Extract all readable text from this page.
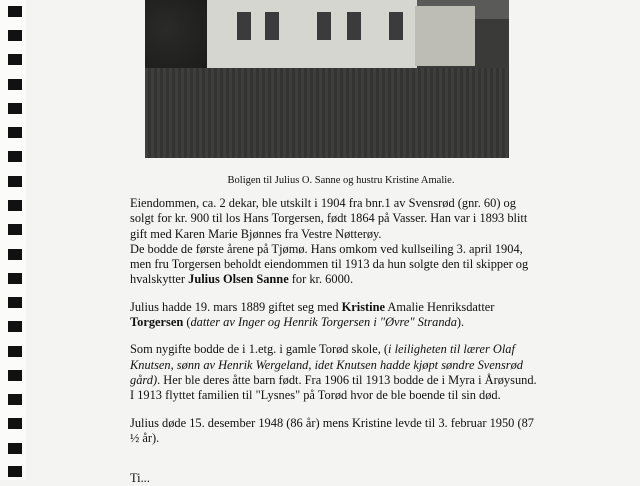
Boligen til Julius O. Sanne og hustru Kristine Amalie.

Eiendommen, ca. 2 dekar, ble utskilt i 1904 fra bnr.1 av Svensrød (gnr. 60) og solgt for kr. 900 til los Hans Torgersen, født 1864 på Vasser. Han var i 1893 blitt gift med Karen Marie Bjønnes fra Vestre Nøtterøy.
De bodde de første årene på Tjømø. Hans omkom ved kullseiling 3. april 1904, men fru Torgersen beholdt eiendommen til 1913 da hun solgte den til skipper og hvalskytter Julius Olsen Sanne for kr. 6000.

Julius hadde 19. mars 1889 giftet seg med Kristine Amalie Henriksdatter Torgersen (datter av Inger og Henrik Torgersen i "Øvre" Stranda).

Som nygifte bodde de i 1.etg. i gamle Torød skole, (i leiligheten til lærer Olaf Knutsen, sønn av Henrik Wergeland, idet Knutsen hadde kjøpt søndre Svensrød gård). Her ble deres åtte barn født. Fra 1906 til 1913 bodde de i Myra i Årøysund. I 1913 flyttet familien til "Lysnes" på Torød hvor de ble boende til sin død.

Julius døde 15. desember 1948 (86 år) mens Kristine levde til 3. februar 1950 (87 ½ år).

Ti...
